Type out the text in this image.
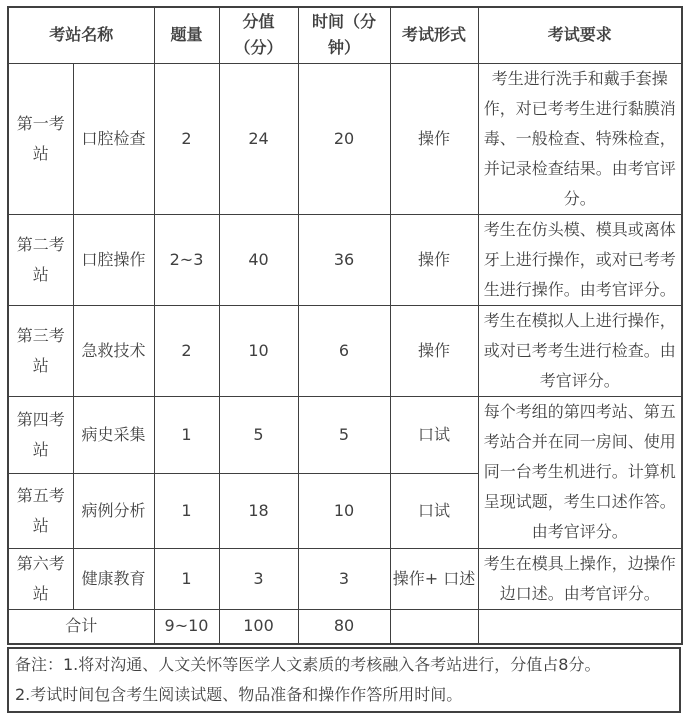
考站名称		题量	分值（分）	时间（分钟）	考试形式	考试要求
第一考站	口腔检查	2	24	20	操作	考生进行洗手和戴手套操作，对已考考生进行黏膜消毒、一般检查、特殊检查，并记录检查结果。由考官评分。
第二考站	口腔操作	2~3	40	36	操作	考生在仿头模、模具或离体牙上进行操作，或对已考考生进行操作。由考官评分。
第三考站	急救技术	2	10	6	操作	考生在模拟人上进行操作，或对已考考生进行检查。由考官评分。
第四考站	病史采集	1	5	5	口试	每个考组的第四考站、第五考站合并在同一房间、使用同一台考生机进行。计算机呈现试题，考生口述作答。由考官评分。
第五考站	病例分析	1	18	10	口试	
第六考站	健康教育	1	3	3	操作+ 口述	考生在模具上操作，边操作边口述。由考官评分。
合计		9~10	100	80		
备注：1.将对沟通、人文关怀等医学人文素质的考核融入各考站进行，分值占8分。
2.考试时间包含考生阅读试题、物品准备和操作作答所用时间。
